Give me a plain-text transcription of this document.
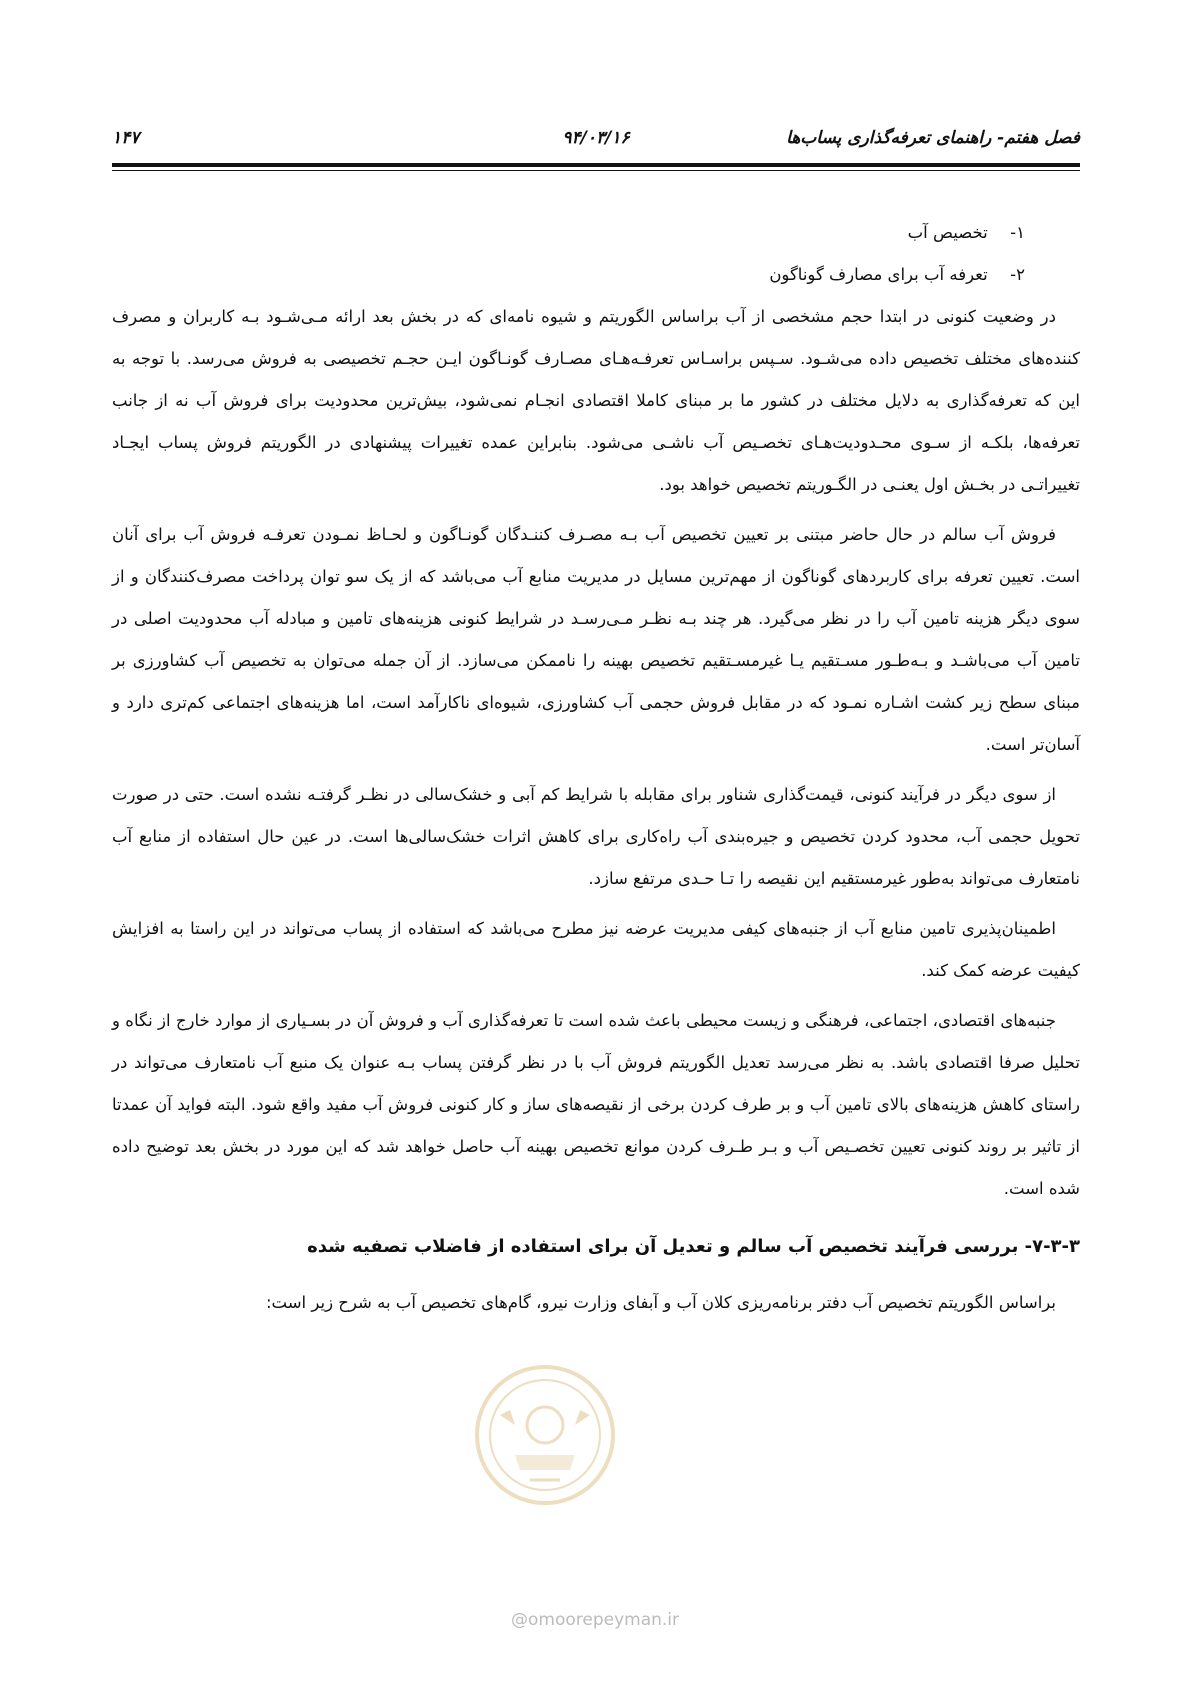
فصل هفتم- راهنمای تعرفه‌گذاری پساب‌ها
۹۴/۰۳/۱۶
۱۴۷
۱- تخصیص آب
۲- تعرفه آب برای مصارف گوناگون

در وضعیت کنونی در ابتدا حجم مشخصی از آب براساس الگوریتم و شیوه نامه‌ای که در بخش بعد ارائه مـی‌شـود بـه کاربران و مصرف کننده‌های مختلف تخصیص داده می‌شـود. سـپس براسـاس تعرفـه‌هـای مصـارف گونـاگون ایـن حجـم تخصیصی به فروش می‌رسد. با توجه به این که تعرفه‌گذاری به دلایل مختلف در کشور ما بر مبنای کاملا اقتصادی انجـام نمی‌شود، بیش‌ترین محدودیت برای فروش آب نه از جانب تعرفه‌ها، بلکـه از سـوی محـدودیت‌هـای تخصـیص آب ناشـی می‌شود. بنابراین عمده تغییرات پیشنهادی در الگوریتم فروش پساب ایجـاد تغییراتـی در بخـش اول یعنـی در الگـوریتم تخصیص خواهد بود.

فروش آب سالم در حال حاضر مبتنی بر تعیین تخصیص آب بـه مصـرف کننـدگان گونـاگون و لحـاظ نمـودن تعرفـه فروش آب برای آنان است. تعیین تعرفه برای کاربردهای گوناگون از مهم‌ترین مسایل در مدیریت منابع آب می‌باشد که از یک سو توان پرداخت مصرف‌کنندگان و از سوی دیگر هزینه تامین آب را در نظر می‌گیرد. هر چند بـه نظـر مـی‌رسـد در شرایط کنونی هزینه‌های تامین و مبادله آب محدودیت اصلی در تامین آب می‌باشـد و بـه‌طـور مسـتقیم یـا غیرمسـتقیم تخصیص بهینه را ناممکن می‌سازد. از آن جمله می‌توان به تخصیص آب کشاورزی بر مبنای سطح زیر کشت اشـاره نمـود که در مقابل فروش حجمی آب کشاورزی، شیوه‌ای ناکارآمد است، اما هزینه‌های اجتماعی کم‌تری دارد و آسان‌تر است.

از سوی دیگر در فرآیند کنونی، قیمت‌گذاری شناور برای مقابله با شرایط کم آبی و خشک‌سالی در نظـر گرفتـه نشده است. حتی در صورت تحویل حجمی آب، محدود کردن تخصیص و جیره‌بندی آب راه‌کاری برای کاهش اثرات خشک‌سالی‌ها است. در عین حال استفاده از منابع آب نامتعارف می‌تواند به‌طور غیرمستقیم این نقیصه را تـا حـدی مرتفع سازد.

اطمینان‌پذیری تامین منابع آب از جنبه‌های کیفی مدیریت عرضه نیز مطرح می‌باشد که استفاده از پساب می‌تواند در این راستا به افزایش کیفیت عرضه کمک کند.

جنبه‌های اقتصادی، اجتماعی، فرهنگی و زیست محیطی باعث شده است تا تعرفه‌گذاری آب و فروش آن در بسـیاری از موارد خارج از نگاه و تحلیل صرفا اقتصادی باشد. به نظر می‌رسد تعدیل الگوریتم فروش آب با در نظر گرفتن پساب بـه عنوان یک منبع آب نامتعارف می‌تواند در راستای کاهش هزینه‌های بالای تامین آب و بر طرف کردن برخی از نقیصه‌های ساز و کار کنونی فروش آب مفید واقع شود. البته فواید آن عمدتا از تاثیر بر روند کنونی تعیین تخصـیص آب و بـر طـرف کردن موانع تخصیص بهینه آب حاصل خواهد شد که این مورد در بخش بعد توضیح داده شده است.

۷-۳-۳- بررسی فرآیند تخصیص آب سالم و تعدیل آن برای استفاده از فاضلاب تصفیه شده

براساس الگوریتم تخصیص آب دفتر برنامه‌ریزی کلان آب و آبفای وزارت نیرو، گام‌های تخصیص آب به شرح زیر است:

@omoorepeyman.ir
